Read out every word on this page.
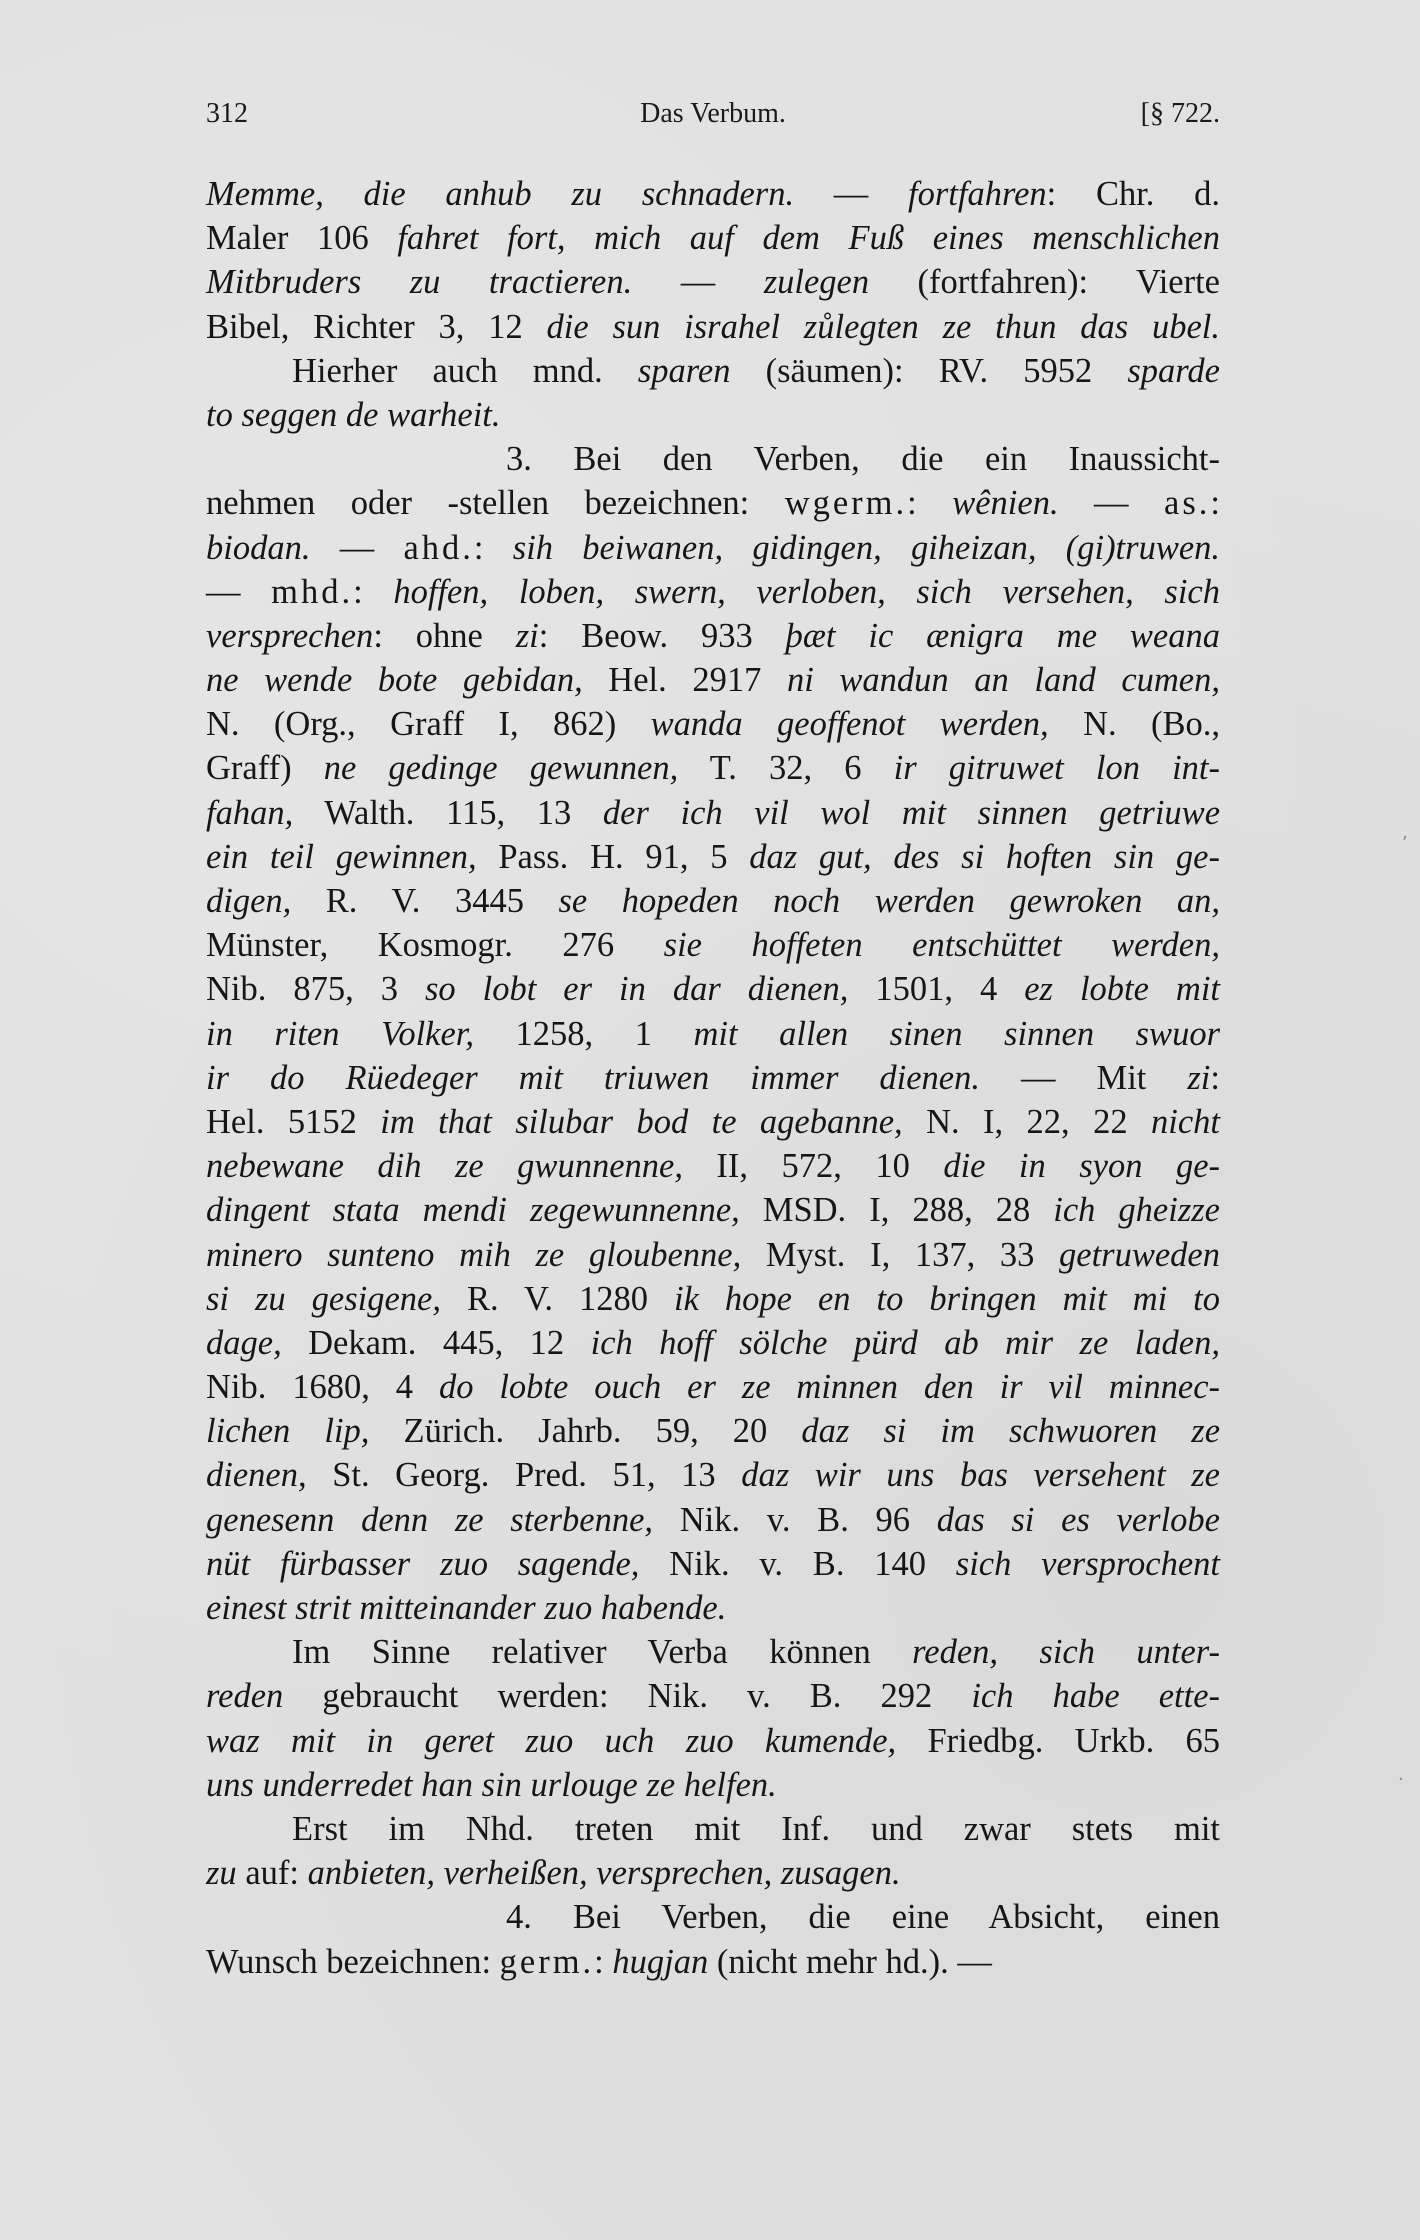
312	Das Verbum.	[§ 722.
Memme, die anhub zu schnadern. — fortfahren: Chr. d.
Maler 106 fahret fort, mich auf dem Fuß eines menschlichen
Mitbruders zu tractieren. — zulegen (fortfahren): Vierte
Bibel, Richter 3, 12 die sun israhel zůlegten ze thun das ubel.
Hierher auch mnd. sparen (säumen): RV. 5952 sparde
to seggen de warheit.
3. Bei den Verben, die ein Inaussicht-
nehmen oder -stellen bezeichnen: wgerm.: wênien. — as.:
biodan. — ahd.: sih beiwanen, gidingen, giheizan, (gi)truwen.
— mhd.: hoffen, loben, swern, verloben, sich versehen, sich
versprechen: ohne zi: Beow. 933 þæt ic ænigra me weana
ne wende bote gebidan, Hel. 2917 ni wandun an land cumen,
N. (Org., Graff I, 862) wanda geoffenot werden, N. (Bo.,
Graff) ne gedinge gewunnen, T. 32, 6 ir gitruwet lon int-
fahan, Walth. 115, 13 der ich vil wol mit sinnen getriuwe
ein teil gewinnen, Pass. H. 91, 5 daz gut, des si hoften sin ge-
digen, R. V. 3445 se hopeden noch werden gewroken an,
Münster, Kosmogr. 276 sie hoffeten entschüttet werden,
Nib. 875, 3 so lobt er in dar dienen, 1501, 4 ez lobte mit
in riten Volker, 1258, 1 mit allen sinen sinnen swuor
ir do Rüedeger mit triuwen immer dienen. — Mit zi:
Hel. 5152 im that silubar bod te agebanne, N. I, 22, 22 nicht
nebewane dih ze gwunnenne, II, 572, 10 die in syon ge-
dingent stata mendi zegewunnenne, MSD. I, 288, 28 ich gheizze
minero sunteno mih ze gloubenne, Myst. I, 137, 33 getruweden
si zu gesigene, R. V. 1280 ik hope en to bringen mit mi to
dage, Dekam. 445, 12 ich hoff sölche pürd ab mir ze laden,
Nib. 1680, 4 do lobte ouch er ze minnen den ir vil minnec-
lichen lip, Zürich. Jahrb. 59, 20 daz si im schwuoren ze
dienen, St. Georg. Pred. 51, 13 daz wir uns bas versehent ze
genesenn denn ze sterbenne, Nik. v. B. 96 das si es verlobe
nüt fürbasser zuo sagende, Nik. v. B. 140 sich versprochent
einest strit mitteinander zuo habende.
Im Sinne relativer Verba können reden, sich unter-
reden gebraucht werden: Nik. v. B. 292 ich habe ette-
waz mit in geret zuo uch zuo kumende, Friedbg. Urkb. 65
uns underredet han sin urlouge ze helfen.
Erst im Nhd. treten mit Inf. und zwar stets mit
zu auf: anbieten, verheißen, versprechen, zusagen.
4. Bei Verben, die eine Absicht, einen
Wunsch bezeichnen: germ.: hugjan (nicht mehr hd.). —
‚
.
